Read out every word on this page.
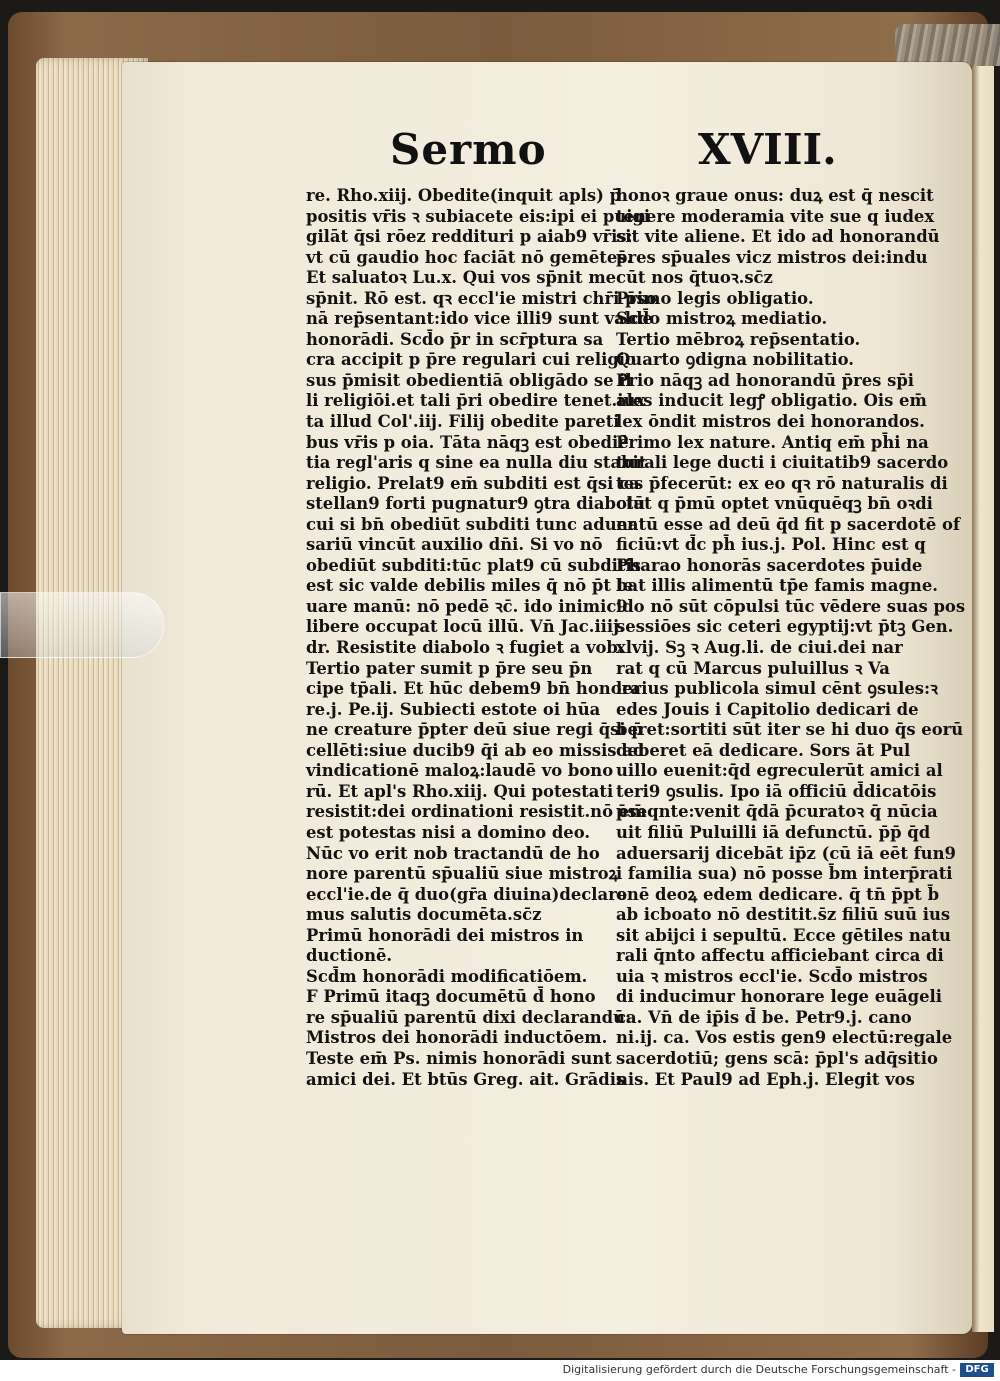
Sermo	XVIII.
re. Rho.xiij. Obedite(inquit apls) p̄
positis vr̄is ꝛ subiacete eis:ipi ei puigi
gilāt q̄si rōez reddituri p aiab9 vr̄is:
vt cū gaudio hoc faciāt nō gemētes.
Et saluatoꝛ Lu.x. Qui vos sp̄nit me
sp̄nit. Rō est. qꝛ eccl'ie mistri chr̄i p̄so
nā rep̄sentant:ido vice illi9 sunt valde
honorādi. Scd̄o p̄r in scr̄ptura sa
cra accipit p p̄re regulari cui religio
sus p̄misit obedientiā obligādo se il
li religiōi.et tali p̄ri obedire tenet.iux
ta illud Col'.iij. Filij obedite pareti
bus vr̄is p oia. Tāta nāqꝫ est obediē
tia regl'aris q sine ea nulla diu stabit
religio. Prelat9 em̄ subditi est q̄si ca
stellan9 forti pugnatur9 ꝯtra diabolū
cui si bn̄ obediūt subditi tunc aduer
sariū vincūt auxilio dn̄i. Si vo nō
obediūt subditi:tūc plat9 cū subditis
est sic valde debilis miles q̄ nō p̄t le
uare manū: nō pedē ꝛc̄. ido inimic9
libere occupat locū illū. Vn̄ Jac.iiij.
dr. Resistite diabolo ꝛ fugiet a vob.
Tertio pater sumit p p̄re seu p̄n
cipe tp̄ali. Et hūc debem9 bn̄ honora
re.j. Pe.ij. Subiecti estote oi hūa
ne creature p̄pter deū siue regi q̄si p̄
cellēti:siue ducib9 q̄i ab eo missis ad
vindicationē maloꝝ:laudē vo bono
rū. Et apl's Rho.xiij. Qui potestati
resistit:dei ordinationi resistit.nō em̄
est potestas nisi a domino deo.
Nūc vo erit nob tractandū de ho
nore parentū sp̄ualiū siue mistroꝝ
eccl'ie.de q̄ duo(gr̄a diuina)declare
mus salutis documēta.sc̄z
Primū honorādi dei mistros in
ductionē.
Scd̄m honorādi modificatiōem.
F Primū itaqꝫ documētū d̄ hono
re sp̄ualiū parentū dixi declarandū:
Mistros dei honorādi inductōem.
Teste em̄ Ps. nimis honorādi sunt
amici dei. Et btūs Greg. ait. Grādis
honoꝛ graue onus: duꝝ est q̄ nescit
tenere moderamia vite sue q iudex
sit vite aliene. Et ido ad honorandū
p̄res sp̄uales vicz mistros dei:indu
cūt nos q̄tuoꝛ.sc̄z
Primo legis obligatio.
Scd̄o mistroꝝ mediatio.
Tertio mēbroꝝ rep̄sentatio.
Quarto ꝯdigna nobilitatio.
Prio nāqꝫ ad honorandū p̄res sp̄i
ales inducit legꝭ obligatio. Ois em̄
lex ōndit mistros dei honorandos.
Primo lex nature. Antiq em̄ ph̄i na
turali lege ducti i ciuitatib9 sacerdo
tes p̄fecerūt: ex eo qꝛ rō naturalis di
ctat q p̄mū optet vnūquēqꝫ bn̄ oꝛdi
natū esse ad deū q̄d fit p sacerdotē of
ficiū:vt d̄c ph̄ ius.j. Pol. Hinc est q
Pharao honorās sacerdotes p̄uide
bat illis alimentū tp̄e famis magne.
ido nō sūt cōpulsi tūc vēdere suas pos
sessiōes sic ceteri egyptij:vt p̄tꝫ Gen.
xlvij. Sꝫ ꝛ Aug.li. de ciui.dei nar
rat q cū Marcus puluillus ꝛ Va
lerius publicola simul cēnt ꝯsules:ꝛ
edes Jouis i Capitolio dedicari de
beret:sortiti sūt iter se hi duo q̄s eorū
deberet eā dedicare. Sors āt Pul
uillo euenit:q̄d egreculerūt amici al
teri9 ꝯsulis. Ipo iā officiū d̄dicatōis
p̄seqnte:venit q̄dā p̄curatoꝛ q̄ nūcia
uit filiū Puluilli iā defunctū. p̄p̄ q̄d
aduersarij dicebāt ip̄z (cū iā eēt fun9
i familia sua) nō posse b̄m interp̄rati
onē deoꝝ edem dedicare. q̄ tn̄ p̄pt b̄
ab icboato nō destitit.s̄z filiū suū ius
sit abijci i sepultū. Ecce gētiles natu
rali q̄nto affectu afficiebant circa di
uia ꝛ mistros eccl'ie. Scd̄o mistros
di inducimur honorare lege euāgeli
ca. Vn̄ de ip̄is d̄ be. Petr9.j. cano
ni.ij. ca. Vos estis gen9 electū:regale
sacerdotiū; gens scā: p̄pl's adq̄sitio
nis. Et Paul9 ad Eph.j. Elegit vos
Digitalisierung gefördert durch die Deutsche Forschungsgemeinschaft - DFG
